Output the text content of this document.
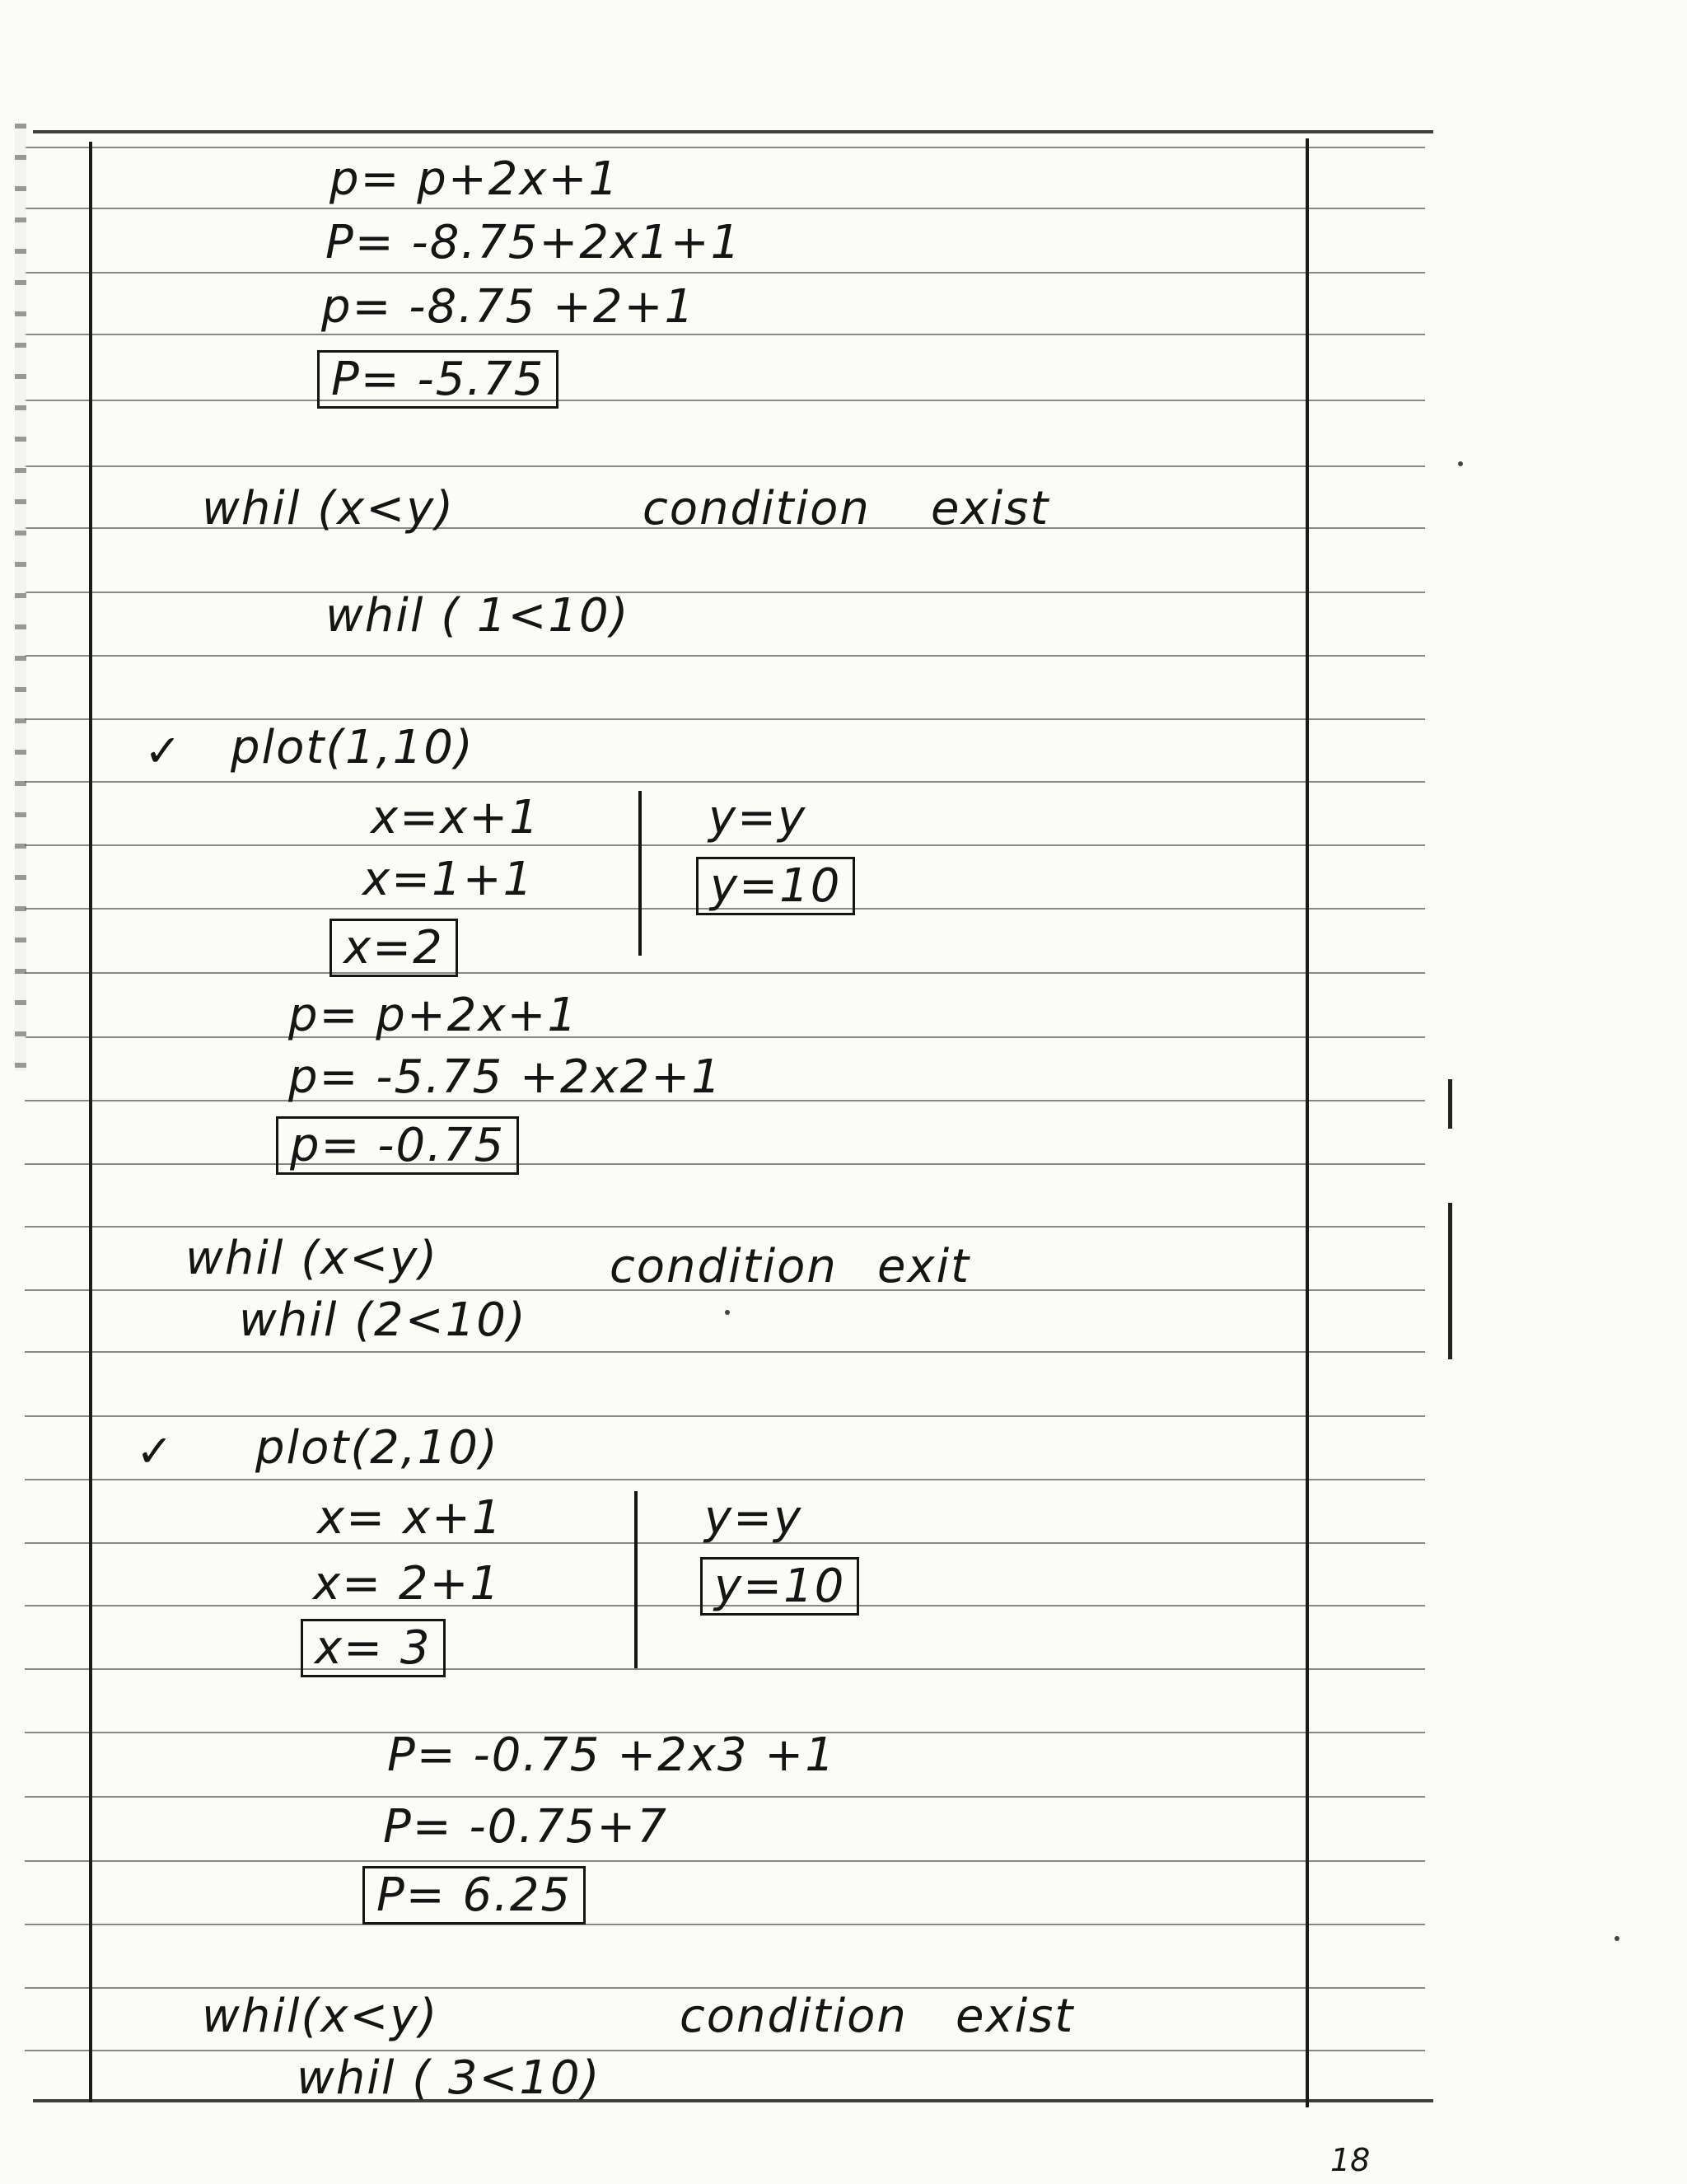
p= p+2x+1
P= -8.75+2x1+1
p= -8.75 +2+1
P= -5.75
whil (x<y)	condition exist
whil ( 1<10)
✓ plot(1,10)
x=x+1	y=y
x=1+1	y=10
x=2
p= p+2x+1
p= -5.75 +2x2+1
p= -0.75
whil (x<y)	condition exit
whil (2<10)
✓ plot(2,10)
x= x+1	y=y
x= 2+1	y=10
x= 3
P= -0.75 +2x3 +1
P= -0.75+7
P= 6.25
whil(x<y)	condition exist
whil ( 3<10)
18
